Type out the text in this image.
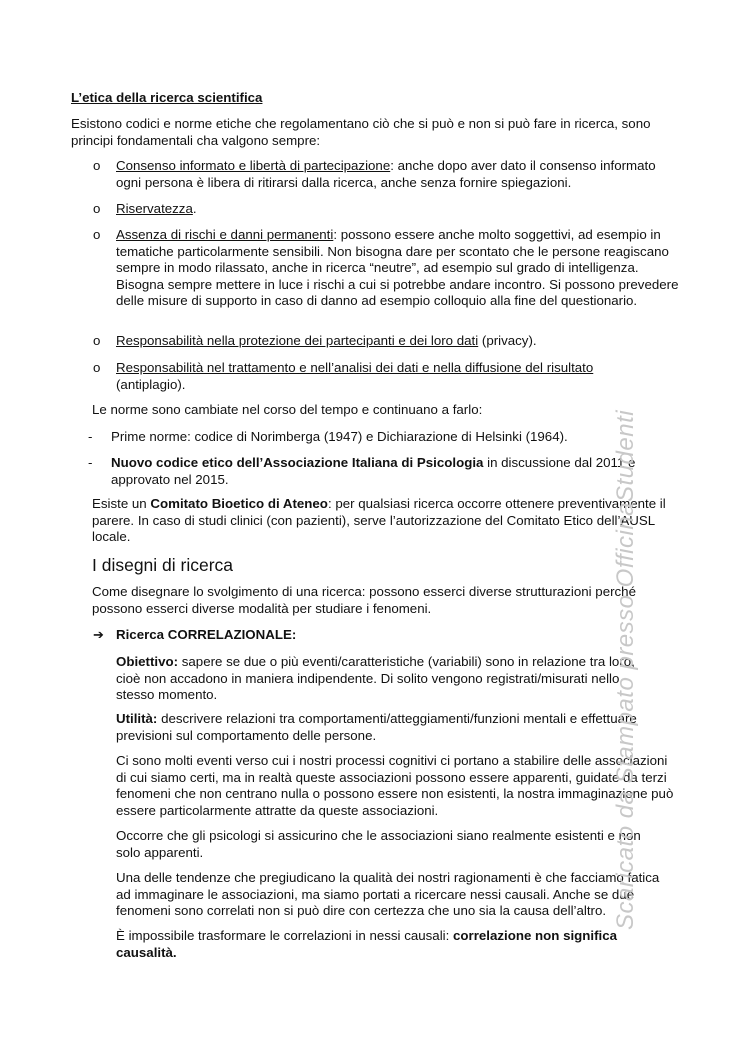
L’etica della ricerca scientifica

Esistono codici e norme etiche che regolamentano ciò che si può e non si può fare in ricerca, sono principi fondamentali cha valgono sempre:

o Consenso informato e libertà di partecipazione: anche dopo aver dato il consenso informato ogni persona è libera di ritirarsi dalla ricerca, anche senza fornire spiegazioni.

o Riservatezza.

o Assenza di rischi e danni permanenti: possono essere anche molto soggettivi, ad esempio in tematiche particolarmente sensibili. Non bisogna dare per scontato che le persone reagiscano sempre in modo rilassato, anche in ricerca “neutre”, ad esempio sul grado di intelligenza. Bisogna sempre mettere in luce i rischi a cui si potrebbe andare incontro. Si possono prevedere delle misure di supporto in caso di danno ad esempio colloquio alla fine del questionario.

o Responsabilità nella protezione dei partecipanti e dei loro dati (privacy).

o Responsabilità nel trattamento e nell’analisi dei dati e nella diffusione del risultato (antiplagio).

Le norme sono cambiate nel corso del tempo e continuano a farlo:

- Prime norme: codice di Norimberga (1947) e Dichiarazione di Helsinki (1964).

- Nuovo codice etico dell’Associazione Italiana di Psicologia in discussione dal 2011 e approvato nel 2015.

Esiste un Comitato Bioetico di Ateneo: per qualsiasi ricerca occorre ottenere preventivamente il parere. In caso di studi clinici (con pazienti), serve l’autorizzazione del Comitato Etico dell’AUSL locale.

I disegni di ricerca

Come disegnare lo svolgimento di una ricerca: possono esserci diverse strutturazioni perché possono esserci diverse modalità per studiare i fenomeni.

➔ Ricerca CORRELAZIONALE:

Obiettivo: sapere se due o più eventi/caratteristiche (variabili) sono in relazione tra loro, cioè non accadono in maniera indipendente. Di solito vengono registrati/misurati nello stesso momento.

Utilità: descrivere relazioni tra comportamenti/atteggiamenti/funzioni mentali e effettuare previsioni sul comportamento delle persone.

Ci sono molti eventi verso cui i nostri processi cognitivi ci portano a stabilire delle associazioni di cui siamo certi, ma in realtà queste associazioni possono essere apparenti, guidate da terzi fenomeni che non centrano nulla o possono essere non esistenti, la nostra immaginazione può essere particolarmente attratte da queste associazioni.

Occorre che gli psicologi si assicurino che le associazioni siano realmente esistenti e non solo apparenti.

Una delle tendenze che pregiudicano la qualità dei nostri ragionamenti è che facciamo fatica ad immaginare le associazioni, ma siamo portati a ricercare nessi causali. Anche se due fenomeni sono correlati non si può dire con certezza che uno sia la causa dell’altro.

È impossibile trasformare le correlazioni in nessi causali: correlazione non significa causalità.

Scaricato da Stampato presso OfficinaStudenti
